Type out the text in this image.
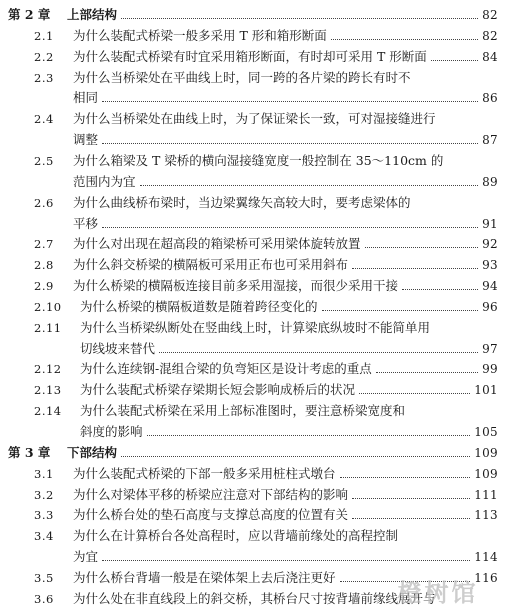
第 2 章 上部结构	82
2.1 为什么装配式桥梁一般多采用 T 形和箱形断面	82
2.2 为什么装配式桥梁有时宜采用箱形断面，有时却可采用 T 形断面	84
2.3 为什么当桥梁处在平曲线上时，同一跨的各片梁的跨长有时不
相同	86
2.4 为什么当桥梁处在曲线上时，为了保证梁长一致，可对湿接缝进行
调整	87
2.5 为什么箱梁及 T 梁桥的横向湿接缝宽度一般控制在 35～110cm 的
范围内为宜	89
2.6 为什么曲线桥布梁时，当边梁翼缘矢高较大时，要考虑梁体的
平移	91
2.7 为什么对出现在超高段的箱梁桥可采用梁体旋转放置	92
2.8 为什么斜交桥梁的横隔板可采用正布也可采用斜布	93
2.9 为什么桥梁的横隔板连接目前多采用湿接，而很少采用干接	94
2.10 为什么桥梁的横隔板道数是随着跨径变化的	96
2.11 为什么当桥梁纵断处在竖曲线上时，计算梁底纵坡时不能简单用
切线坡来替代	97
2.12 为什么连续钢-混组合梁的负弯矩区是设计考虑的重点	99
2.13 为什么装配式桥梁存梁期长短会影响成桥后的状况	101
2.14 为什么装配式桥梁在采用上部标准图时，要注意桥梁宽度和
斜度的影响	105
第 3 章 下部结构	109
3.1 为什么装配式桥梁的下部一般多采用桩柱式墩台	109
3.2 为什么对梁体平移的桥梁应注意对下部结构的影响	111
3.3 为什么桥台处的垫石高度与支撑总高度的位置有关	113
3.4 为什么在计算桥台各处高程时，应以背墙前缘处的高程控制
为宜	114
3.5 为什么桥台背墙一般是在梁体架上去后浇注更好	116
3.6 为什么处在非直线段上的斜交桥，其桥台尺寸按背墙前缘线展开与
橙树馆
